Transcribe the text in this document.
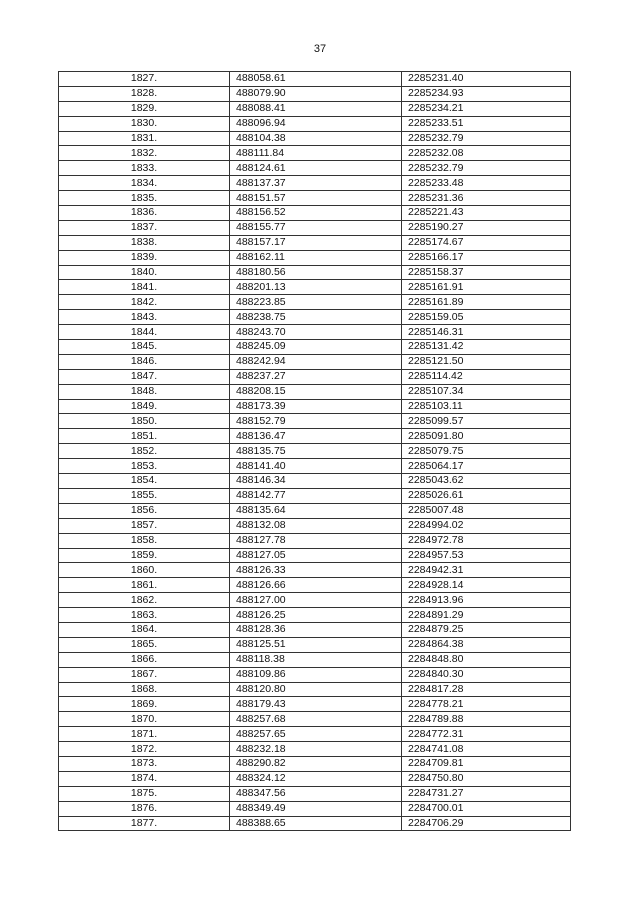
37
1827.	488058.61	2285231.40
1828.	488079.90	2285234.93
1829.	488088.41	2285234.21
1830.	488096.94	2285233.51
1831.	488104.38	2285232.79
1832.	488111.84	2285232.08
1833.	488124.61	2285232.79
1834.	488137.37	2285233.48
1835.	488151.57	2285231.36
1836.	488156.52	2285221.43
1837.	488155.77	2285190.27
1838.	488157.17	2285174.67
1839.	488162.11	2285166.17
1840.	488180.56	2285158.37
1841.	488201.13	2285161.91
1842.	488223.85	2285161.89
1843.	488238.75	2285159.05
1844.	488243.70	2285146.31
1845.	488245.09	2285131.42
1846.	488242.94	2285121.50
1847.	488237.27	2285114.42
1848.	488208.15	2285107.34
1849.	488173.39	2285103.11
1850.	488152.79	2285099.57
1851.	488136.47	2285091.80
1852.	488135.75	2285079.75
1853.	488141.40	2285064.17
1854.	488146.34	2285043.62
1855.	488142.77	2285026.61
1856.	488135.64	2285007.48
1857.	488132.08	2284994.02
1858.	488127.78	2284972.78
1859.	488127.05	2284957.53
1860.	488126.33	2284942.31
1861.	488126.66	2284928.14
1862.	488127.00	2284913.96
1863.	488126.25	2284891.29
1864.	488128.36	2284879.25
1865.	488125.51	2284864.38
1866.	488118.38	2284848.80
1867.	488109.86	2284840.30
1868.	488120.80	2284817.28
1869.	488179.43	2284778.21
1870.	488257.68	2284789.88
1871.	488257.65	2284772.31
1872.	488232.18	2284741.08
1873.	488290.82	2284709.81
1874.	488324.12	2284750.80
1875.	488347.56	2284731.27
1876.	488349.49	2284700.01
1877.	488388.65	2284706.29
